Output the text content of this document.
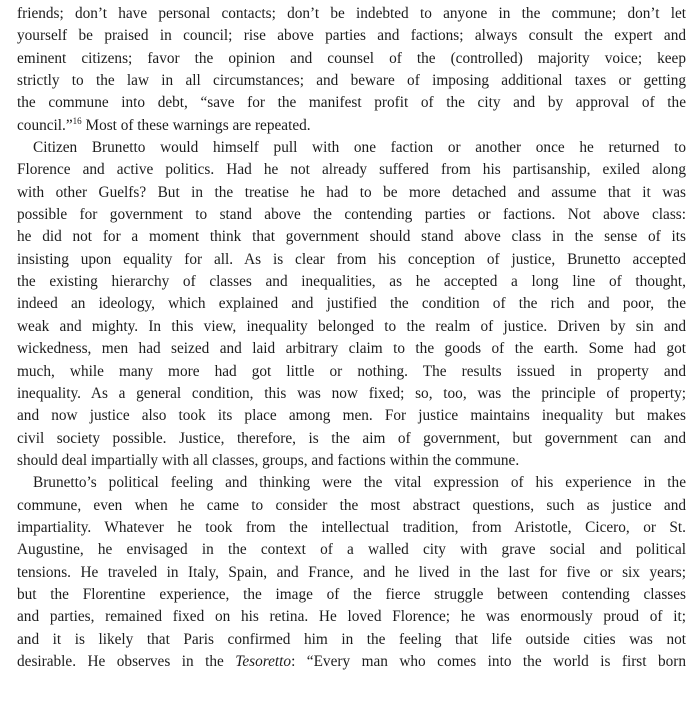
friends; don’t have personal contacts; don’t be indebted to anyone in the commune; don’t let
yourself be praised in council; rise above parties and factions; always consult the expert and
eminent citizens; favor the opinion and counsel of the (controlled) majority voice; keep
strictly to the law in all circumstances; and beware of imposing additional taxes or getting
the commune into debt, “save for the manifest profit of the city and by approval of the
council.”$^{16}$ Most of these warnings are repeated.

Citizen Brunetto would himself pull with one faction or another once he returned to
Florence and active politics. Had he not already suffered from his partisanship, exiled along
with other Guelfs? But in the treatise he had to be more detached and assume that it was
possible for government to stand above the contending parties or factions. Not above class:
he did not for a moment think that government should stand above class in the sense of its
insisting upon equality for all. As is clear from his conception of justice, Brunetto accepted
the existing hierarchy of classes and inequalities, as he accepted a long line of thought,
indeed an ideology, which explained and justified the condition of the rich and poor, the
weak and mighty. In this view, inequality belonged to the realm of justice. Driven by sin and
wickedness, men had seized and laid arbitrary claim to the goods of the earth. Some had got
much, while many more had got little or nothing. The results issued in property and
inequality. As a general condition, this was now fixed; so, too, was the principle of property;
and now justice also took its place among men. For justice maintains inequality but makes
civil society possible. Justice, therefore, is the aim of government, but government can and
should deal impartially with all classes, groups, and factions within the commune.

Brunetto’s political feeling and thinking were the vital expression of his experience in the
commune, even when he came to consider the most abstract questions, such as justice and
impartiality. Whatever he took from the intellectual tradition, from Aristotle, Cicero, or St.
Augustine, he envisaged in the context of a walled city with grave social and political
tensions. He traveled in Italy, Spain, and France, and he lived in the last for five or six years;
but the Florentine experience, the image of the fierce struggle between contending classes
and parties, remained fixed on his retina. He loved Florence; he was enormously proud of it;
and it is likely that Paris confirmed him in the feeling that life outside cities was not
desirable. He observes in the Tesoretto: “Every man who comes into the world is first born
